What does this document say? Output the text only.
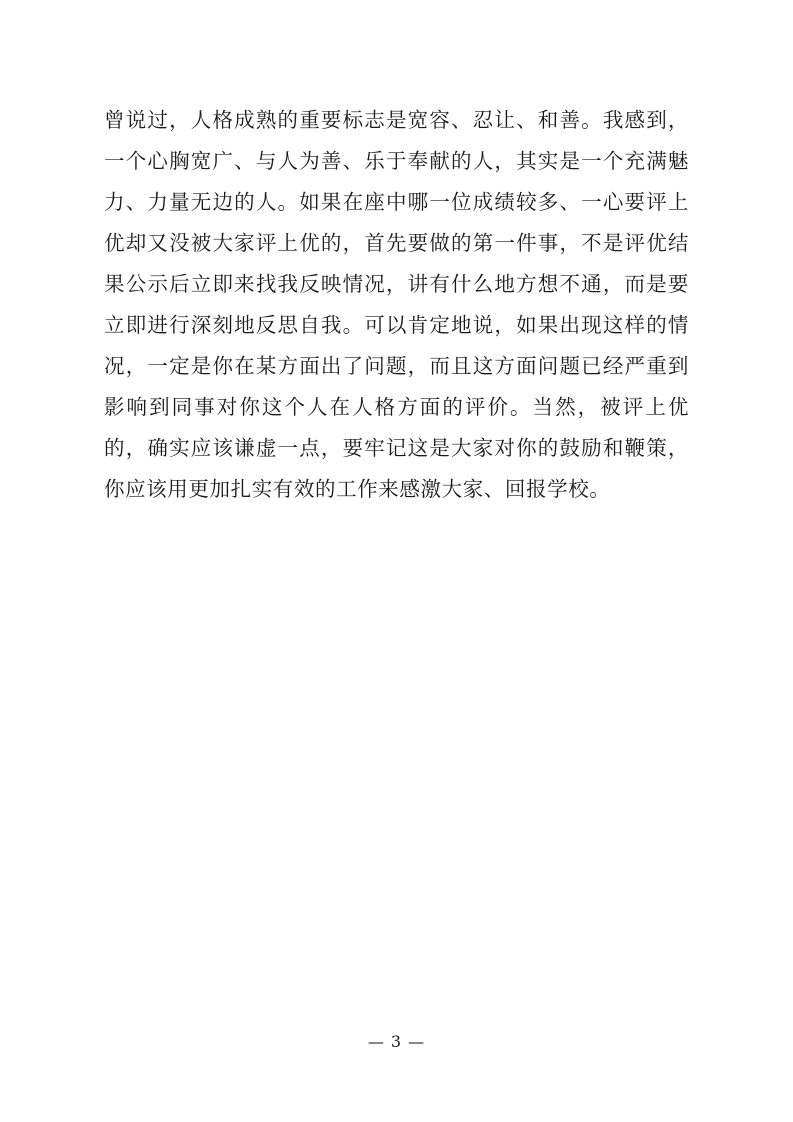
曾说过，人格成熟的重要标志是宽容、忍让、和善。我感到，一个心胸宽广、与人为善、乐于奉献的人，其实是一个充满魅力、力量无边的人。如果在座中哪一位成绩较多、一心要评上优却又没被大家评上优的，首先要做的第一件事，不是评优结果公示后立即来找我反映情况，讲有什么地方想不通，而是要立即进行深刻地反思自我。可以肯定地说，如果出现这样的情况，一定是你在某方面出了问题，而且这方面问题已经严重到影响到同事对你这个人在人格方面的评价。当然，被评上优的，确实应该谦虚一点，要牢记这是大家对你的鼓励和鞭策，你应该用更加扎实有效的工作来感激大家、回报学校。

— 3 —
